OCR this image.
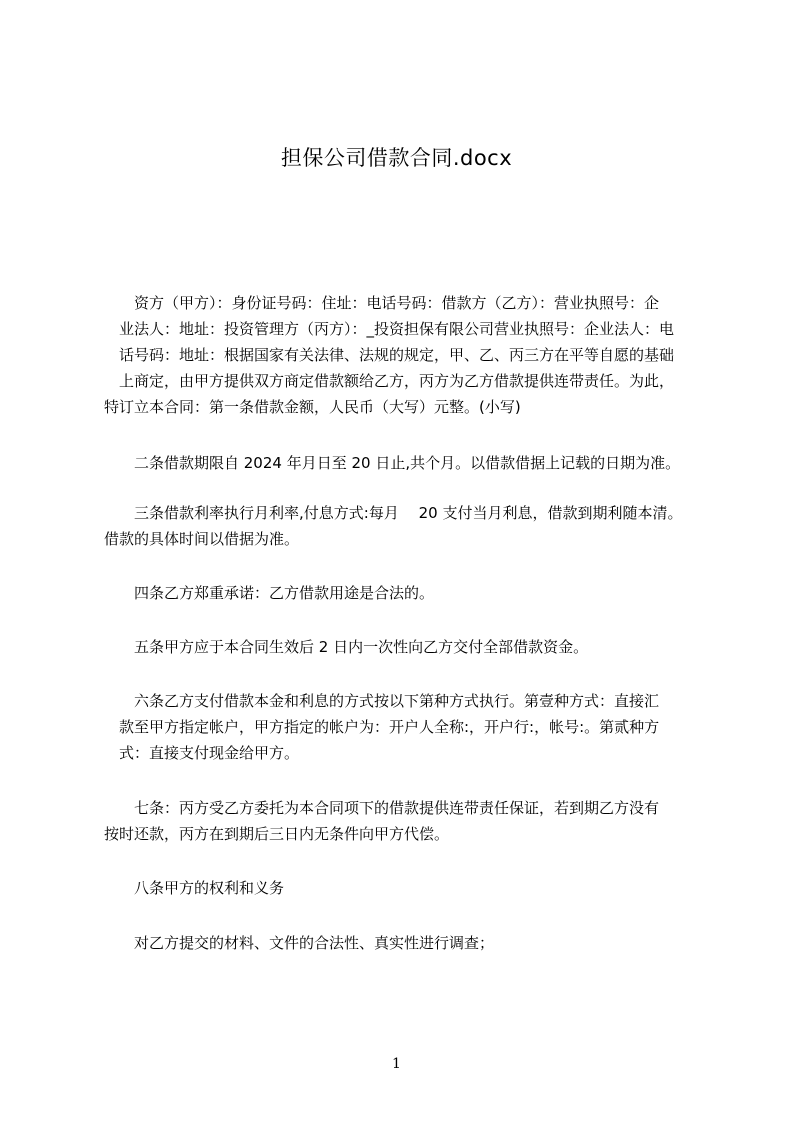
担保公司借款合同.docx
　　资方（甲方）：身份证号码：住址：电话号码：借款方（乙方）：营业执照号：企
　业法人：地址：投资管理方（丙方）：_投资担保有限公司营业执照号：企业法人：电
　话号码：地址：根据国家有关法律、法规的规定，甲、乙、丙三方在平等自愿的基础
　上商定，由甲方提供双方商定借款额给乙方，丙方为乙方借款提供连带责任。为此，
特订立本合同：第一条借款金额，人民币（大写）元整。(小写)
　　二条借款期限自 2024 年月日至 20 日止,共个月。以借款借据上记载的日期为准。
　　三条借款利率执行月利率,付息方式:每月　 20 支付当月利息，借款到期利随本清。
借款的具体时间以借据为准。
　　四条乙方郑重承诺：乙方借款用途是合法的。
　　五条甲方应于本合同生效后 2 日内一次性向乙方交付全部借款资金。
　　六条乙方支付借款本金和利息的方式按以下第种方式执行。第壹种方式：直接汇
　款至甲方指定帐户，甲方指定的帐户为：开户人全称:，开户行:，帐号:。第贰种方
　式：直接支付现金给甲方。
　　七条：丙方受乙方委托为本合同项下的借款提供连带责任保证，若到期乙方没有
按时还款，丙方在到期后三日内无条件向甲方代偿。
　　八条甲方的权利和义务
　　对乙方提交的材料、文件的合法性、真实性进行调查；
1
